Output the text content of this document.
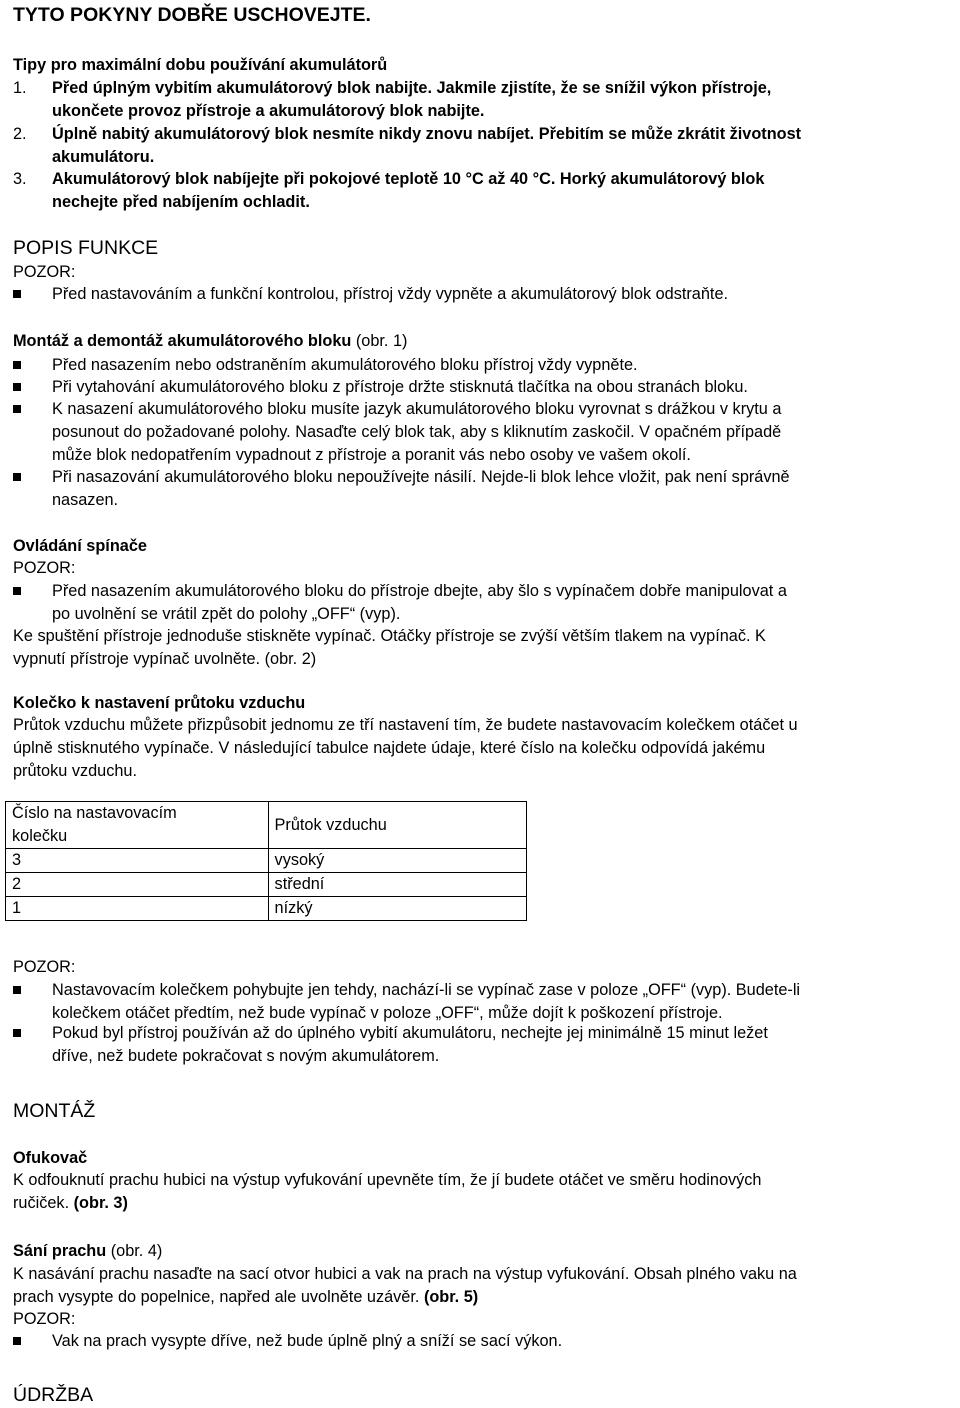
TYTO POKYNY DOBŘE USCHOVEJTE.
Tipy pro maximální dobu používání akumulátorů
1. Před úplným vybitím akumulátorový blok nabijte. Jakmile zjistíte, že se snížil výkon přístroje,
ukončete provoz přístroje a akumulátorový blok nabijte.
2. Úplně nabitý akumulátorový blok nesmíte nikdy znovu nabíjet. Přebitím se může zkrátit životnost
akumulátoru.
3. Akumulátorový blok nabíjejte při pokojové teplotě 10 °C až 40 °C. Horký akumulátorový blok
nechejte před nabíjením ochladit.
POPIS FUNKCE
POZOR:
Před nastavováním a funkční kontrolou, přístroj vždy vypněte a akumulátorový blok odstraňte.
Montáž a demontáž akumulátorového bloku (obr. 1)
Před nasazením nebo odstraněním akumulátorového bloku přístroj vždy vypněte.
Při vytahování akumulátorového bloku z přístroje držte stisknutá tlačítka na obou stranách bloku.
K nasazení akumulátorového bloku musíte jazyk akumulátorového bloku vyrovnat s drážkou v krytu a
posunout do požadované polohy. Nasaďte celý blok tak, aby s kliknutím zaskočil. V opačném případě
může blok nedopatřením vypadnout z přístroje a poranit vás nebo osoby ve vašem okolí.
Při nasazování akumulátorového bloku nepoužívejte násilí. Nejde-li blok lehce vložit, pak není správně
nasazen.
Ovládání spínače
POZOR:
Před nasazením akumulátorového bloku do přístroje dbejte, aby šlo s vypínačem dobře manipulovat a
po uvolnění se vrátil zpět do polohy „OFF“ (vyp).
Ke spuštění přístroje jednoduše stiskněte vypínač. Otáčky přístroje se zvýší větším tlakem na vypínač. K
vypnutí přístroje vypínač uvolněte. (obr. 2)
Kolečko k nastavení průtoku vzduchu
Průtok vzduchu můžete přizpůsobit jednomu ze tří nastavení tím, že budete nastavovacím kolečkem otáčet u
úplně stisknutého vypínače. V následující tabulce najdete údaje, které číslo na kolečku odpovídá jakému
průtoku vzduchu.
Číslo na nastavovacím
kolečku	Průtok vzduchu
3	vysoký
2	střední
1	nízký
POZOR:
Nastavovacím kolečkem pohybujte jen tehdy, nachází-li se vypínač zase v poloze „OFF“ (vyp). Budete-li
kolečkem otáčet předtím, než bude vypínač v poloze „OFF“, může dojít k poškození přístroje.
Pokud byl přístroj používán až do úplného vybití akumulátoru, nechejte jej minimálně 15 minut ležet
dříve, než budete pokračovat s novým akumulátorem.
MONTÁŽ
Ofukovač
K odfouknutí prachu hubici na výstup vyfukování upevněte tím, že jí budete otáčet ve směru hodinových
ručiček. (obr. 3)
Sání prachu (obr. 4)
K nasávání prachu nasaďte na sací otvor hubici a vak na prach na výstup vyfukování. Obsah plného vaku na
prach vysypte do popelnice, napřed ale uvolněte uzávěr. (obr. 5)
POZOR:
Vak na prach vysypte dříve, než bude úplně plný a sníží se sací výkon.
ÚDRŽBA
